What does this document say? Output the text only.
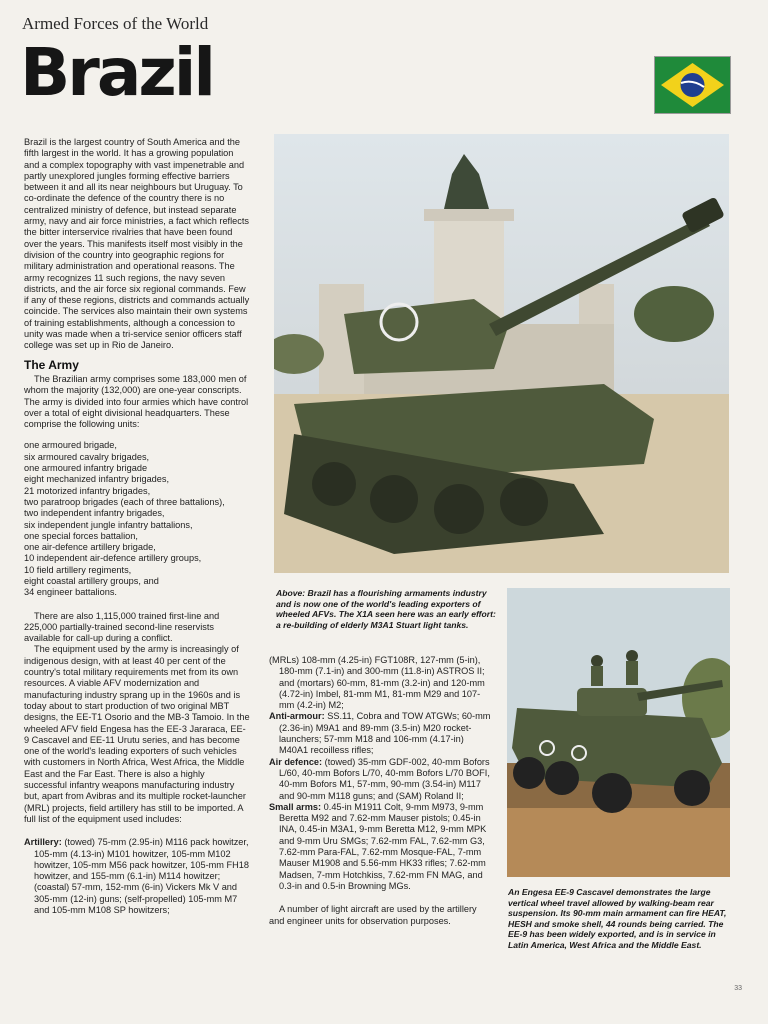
Armed Forces of the World
Brazil

Brazil is the largest country of South America and the fifth largest in the world. It has a growing population and a complex topography with vast impenetrable and partly unexplored jungles forming effective barriers between it and all its near neighbours but Uruguay. To co-ordinate the defence of the country there is no centralized ministry of defence, but instead separate army, navy and air force ministries, a fact which reflects the bitter interservice rivalries that have been found over the years. This manifests itself most visibly in the division of the country into geographic regions for military administration and operational reasons. The army recognizes 11 such regions, the navy seven districts, and the air force six regional commands. Few if any of these regions, districts and commands actually coincide. The services also maintain their own systems of training establishments, although a concession to unity was made when a tri-service senior officers staff college was set up in Rio de Janeiro.

The Army

The Brazilian army comprises some 183,000 men of whom the majority (132,000) are one-year conscripts. The army is divided into four armies which have control over a total of eight divisional headquarters. These comprise the following units:

one armoured brigade,
six armoured cavalry brigades,
one armoured infantry brigade
eight mechanized infantry brigades,
21 motorized infantry brigades,
two paratroop brigades (each of three battalions),
two independent infantry brigades,
six independent jungle infantry battalions,
one special forces battalion,
one air-defence artillery brigade,
10 independent air-defence artillery groups,
10 field artillery regiments,
eight coastal artillery groups, and
34 engineer battalions.

There are also 1,115,000 trained first-line and 225,000 partially-trained second-line reservists available for call-up during a conflict.

The equipment used by the army is increasingly of indigenous design, with at least 40 per cent of the country's total military requirements met from its own resources. A viable AFV modernization and manufacturing industry sprang up in the 1960s and is today about to start production of two original MBT designs, the EE-T1 Osorio and the MB-3 Tamoio. In the wheeled AFV field Engesa has the EE-3 Jararaca, EE-9 Cascavel and EE-11 Urutu series, and has become one of the world's leading exporters of such vehicles with customers in North Africa, West Africa, the Middle East and the Far East. There is also a highly successful infantry weapons manufacturing industry but, apart from Avibras and its multiple rocket-launcher (MRL) projects, field artillery has still to be imported. A full list of the equipment used includes:

Artillery: (towed) 75-mm (2.95-in) M116 pack howitzer, 105-mm (4.13-in) M101 howitzer, 105-mm M102 howitzer, 105-mm M56 pack howitzer, 105-mm FH18 howitzer, and 155-mm (6.1-in) M114 howitzer; (coastal) 57-mm, 152-mm (6-in) Vickers Mk V and 305-mm (12-in) guns; (self-propelled) 105-mm M7 and 105-mm M108 SP howitzers;

Above: Brazil has a flourishing armaments industry and is now one of the world's leading exporters of wheeled AFVs. The X1A seen here was an early effort: a re-building of elderly M3A1 Stuart light tanks.

(MRLs) 108-mm (4.25-in) FGT108R, 127-mm (5-in), 180-mm (7.1-in) and 300-mm (11.8-in) ASTROS II; and (mortars) 60-mm, 81-mm (3.2-in) and 120-mm (4.72-in) Imbel, 81-mm M1, 81-mm M29 and 107-mm (4.2-in) M2;

Anti-armour: SS.11, Cobra and TOW ATGWs; 60-mm (2.36-in) M9A1 and 89-mm (3.5-in) M20 rocket-launchers; 57-mm M18 and 106-mm (4.17-in) M40A1 recoilless rifles;

Air defence: (towed) 35-mm GDF-002, 40-mm Bofors L/60, 40-mm Bofors L/70, 40-mm Bofors L/70 BOFI, 40-mm Bofors M1, 57-mm, 90-mm (3.54-in) M117 and 90-mm M118 guns; and (SAM) Roland II;

Small arms: 0.45-in M1911 Colt, 9-mm M973, 9-mm Beretta M92 and 7.62-mm Mauser pistols; 0.45-in INA, 0.45-in M3A1, 9-mm Beretta M12, 9-mm MPK and 9-mm Uru SMGs; 7.62-mm FAL, 7.62-mm G3, 7.62-mm Para-FAL, 7.62-mm Mosque-FAL, 7-mm Mauser M1908 and 5.56-mm HK33 rifles; 7.62-mm Madsen, 7-mm Hotchkiss, 7.62-mm FN MAG, and 0.3-in and 0.5-in Browning MGs.

A number of light aircraft are used by the artillery and engineer units for observation purposes.

An Engesa EE-9 Cascavel demonstrates the large vertical wheel travel allowed by walking-beam rear suspension. Its 90-mm main armament can fire HEAT, HESH and smoke shell, 44 rounds being carried. The EE-9 has been widely exported, and is in service in Latin America, West Africa and the Middle East.
33
